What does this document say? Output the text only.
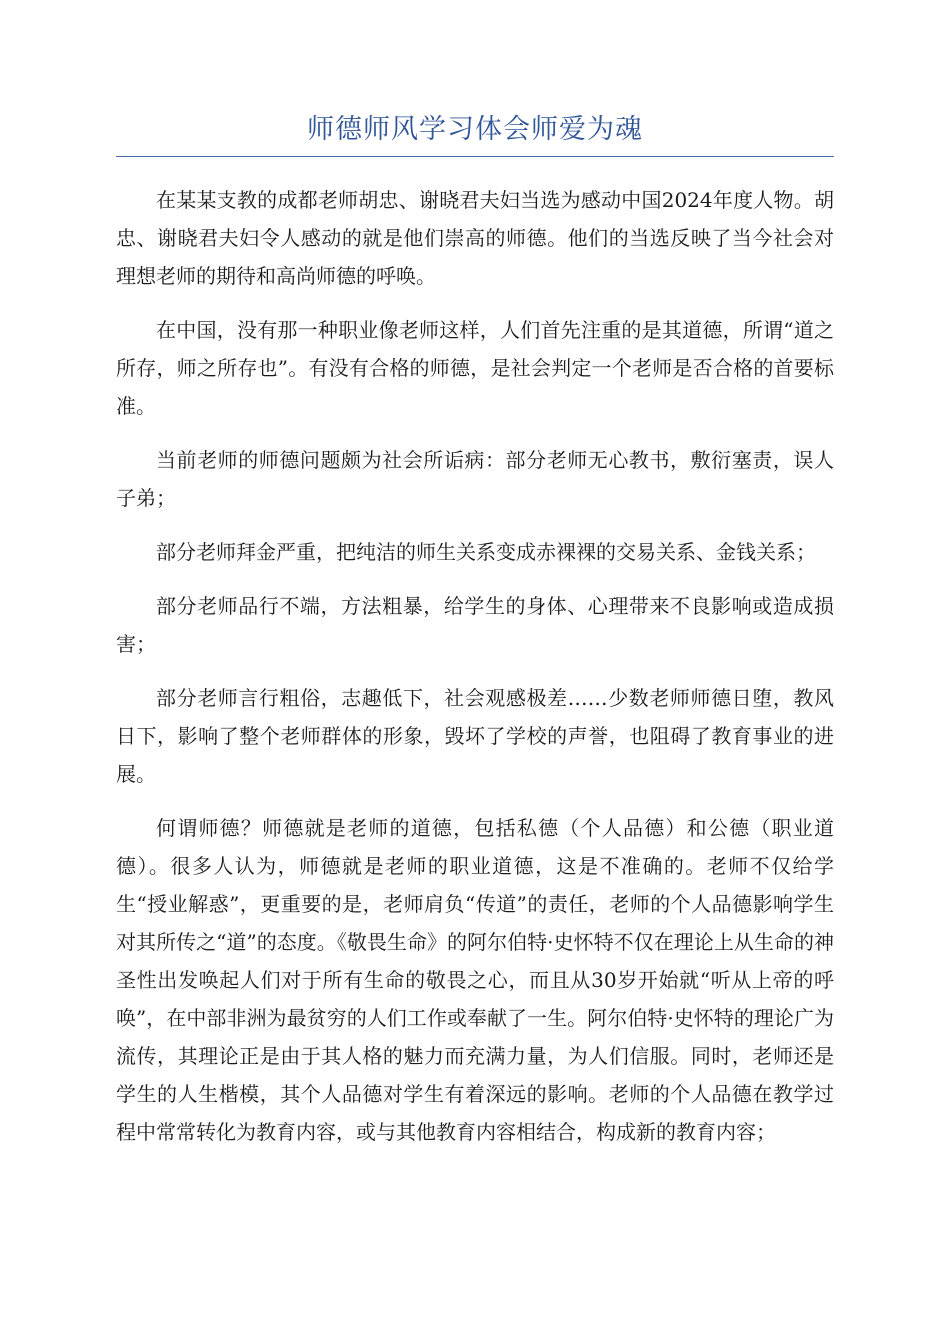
师德师风学习体会师爱为魂

在某某支教的成都老师胡忠、谢晓君夫妇当选为感动中国2024年度人物。胡忠、谢晓君夫妇令人感动的就是他们崇高的师德。他们的当选反映了当今社会对理想老师的期待和高尚师德的呼唤。

在中国，没有那一种职业像老师这样，人们首先注重的是其道德，所谓“道之所存，师之所存也”。有没有合格的师德，是社会判定一个老师是否合格的首要标准。

当前老师的师德问题颇为社会所诟病：部分老师无心教书，敷衍塞责，误人子弟；

部分老师拜金严重，把纯洁的师生关系变成赤裸裸的交易关系、金钱关系；

部分老师品行不端，方法粗暴，给学生的身体、心理带来不良影响或造成损害；

部分老师言行粗俗，志趣低下，社会观感极差……少数老师师德日堕，教风日下，影响了整个老师群体的形象，毁坏了学校的声誉，也阻碍了教育事业的进展。

何谓师德？师德就是老师的道德，包括私德（个人品德）和公德（职业道德）。很多人认为，师德就是老师的职业道德，这是不准确的。老师不仅给学生“授业解惑”，更重要的是，老师肩负“传道”的责任，老师的个人品德影响学生对其所传之“道”的态度。《敬畏生命》的阿尔伯特·史怀特不仅在理论上从生命的神圣性出发唤起人们对于所有生命的敬畏之心，而且从30岁开始就“听从上帝的呼唤”，在中部非洲为最贫穷的人们工作或奉献了一生。阿尔伯特·史怀特的理论广为流传，其理论正是由于其人格的魅力而充满力量，为人们信服。同时，老师还是学生的人生楷模，其个人品德对学生有着深远的影响。老师的个人品德在教学过程中常常转化为教育内容，或与其他教育内容相结合，构成新的教育内容；
